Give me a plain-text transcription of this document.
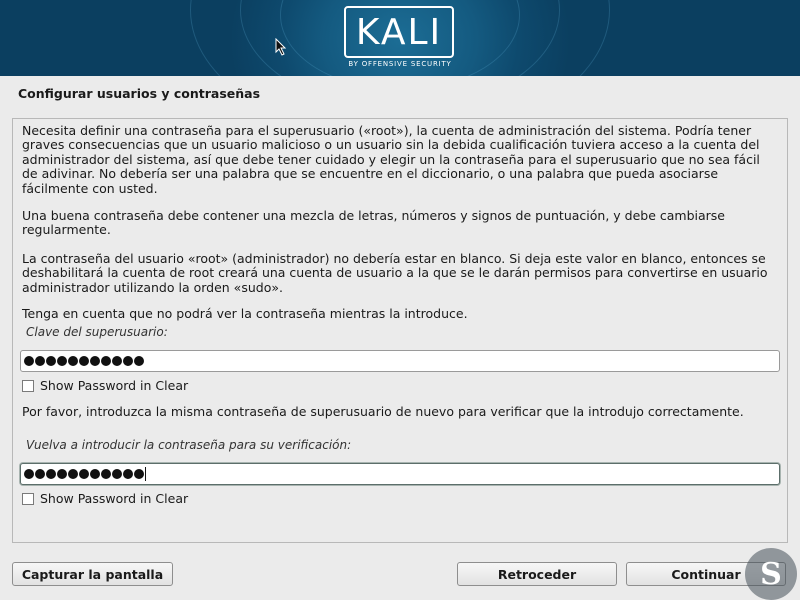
KALI
BY OFFENSIVE SECURITY
Configurar usuarios y contraseñas
Necesita definir una contraseña para el superusuario («root»), la cuenta de administración del sistema. Podría tener graves consecuencias que un usuario malicioso o un usuario sin la debida cualificación tuviera acceso a la cuenta del administrador del sistema, así que debe tener cuidado y elegir un la contraseña para el superusuario que no sea fácil de adivinar. No debería ser una palabra que se encuentre en el diccionario, o una palabra que pueda asociarse fácilmente con usted.
Una buena contraseña debe contener una mezcla de letras, números y signos de puntuación, y debe cambiarse regularmente.
La contraseña del usuario «root» (administrador) no debería estar en blanco. Si deja este valor en blanco, entonces se deshabilitará la cuenta de root creará una cuenta de usuario a la que se le darán permisos para convertirse en usuario administrador utilizando la orden «sudo».
Tenga en cuenta que no podrá ver la contraseña mientras la introduce.
Clave del superusuario:
Show Password in Clear
Por favor, introduzca la misma contraseña de superusuario de nuevo para verificar que la introdujo correctamente.
Vuelva a introducir la contraseña para su verificación:
Show Password in Clear
Capturar la pantalla	Retroceder	Continuar S
